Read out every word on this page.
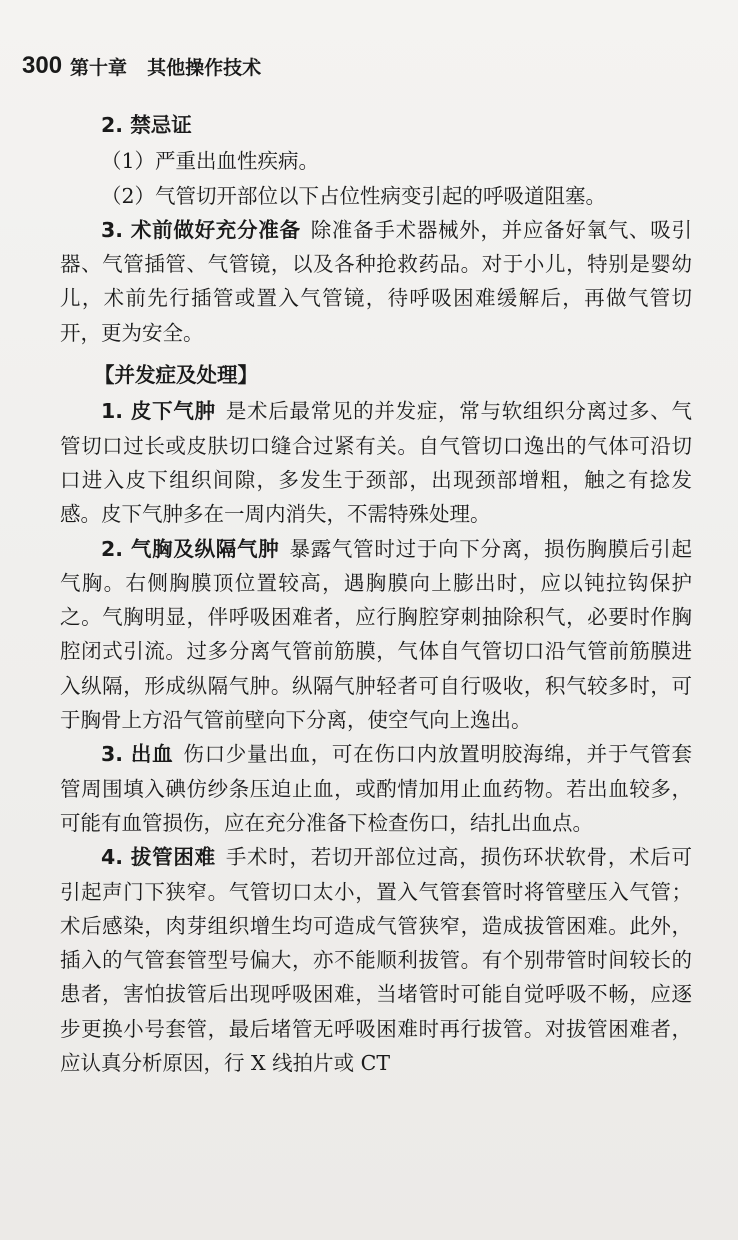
300 第十章 其他操作技术
2. 禁忌证
（1）严重出血性疾病。
（2）气管切开部位以下占位性病变引起的呼吸道阻塞。

3. 术前做好充分准备 除准备手术器械外，并应备好氧气、吸引器、气管插管、气管镜，以及各种抢救药品。对于小儿，特别是婴幼儿，术前先行插管或置入气管镜，待呼吸困难缓解后，再做气管切开，更为安全。

【并发症及处理】

1. 皮下气肿 是术后最常见的并发症，常与软组织分离过多、气管切口过长或皮肤切口缝合过紧有关。自气管切口逸出的气体可沿切口进入皮下组织间隙，多发生于颈部，出现颈部增粗，触之有捻发感。皮下气肿多在一周内消失，不需特殊处理。

2. 气胸及纵隔气肿 暴露气管时过于向下分离，损伤胸膜后引起气胸。右侧胸膜顶位置较高，遇胸膜向上膨出时，应以钝拉钩保护之。气胸明显，伴呼吸困难者，应行胸腔穿刺抽除积气，必要时作胸腔闭式引流。过多分离气管前筋膜，气体自气管切口沿气管前筋膜进入纵隔，形成纵隔气肿。纵隔气肿轻者可自行吸收，积气较多时，可于胸骨上方沿气管前壁向下分离，使空气向上逸出。

3. 出血 伤口少量出血，可在伤口内放置明胶海绵，并于气管套管周围填入碘仿纱条压迫止血，或酌情加用止血药物。若出血较多，可能有血管损伤，应在充分准备下检查伤口，结扎出血点。

4. 拔管困难 手术时，若切开部位过高，损伤环状软骨，术后可引起声门下狭窄。气管切口太小，置入气管套管时将管壁压入气管；术后感染，肉芽组织增生均可造成气管狭窄，造成拔管困难。此外，插入的气管套管型号偏大，亦不能顺利拔管。有个别带管时间较长的患者，害怕拔管后出现呼吸困难，当堵管时可能自觉呼吸不畅，应逐步更换小号套管，最后堵管无呼吸困难时再行拔管。对拔管困难者，应认真分析原因，行 X 线拍片或 CT
